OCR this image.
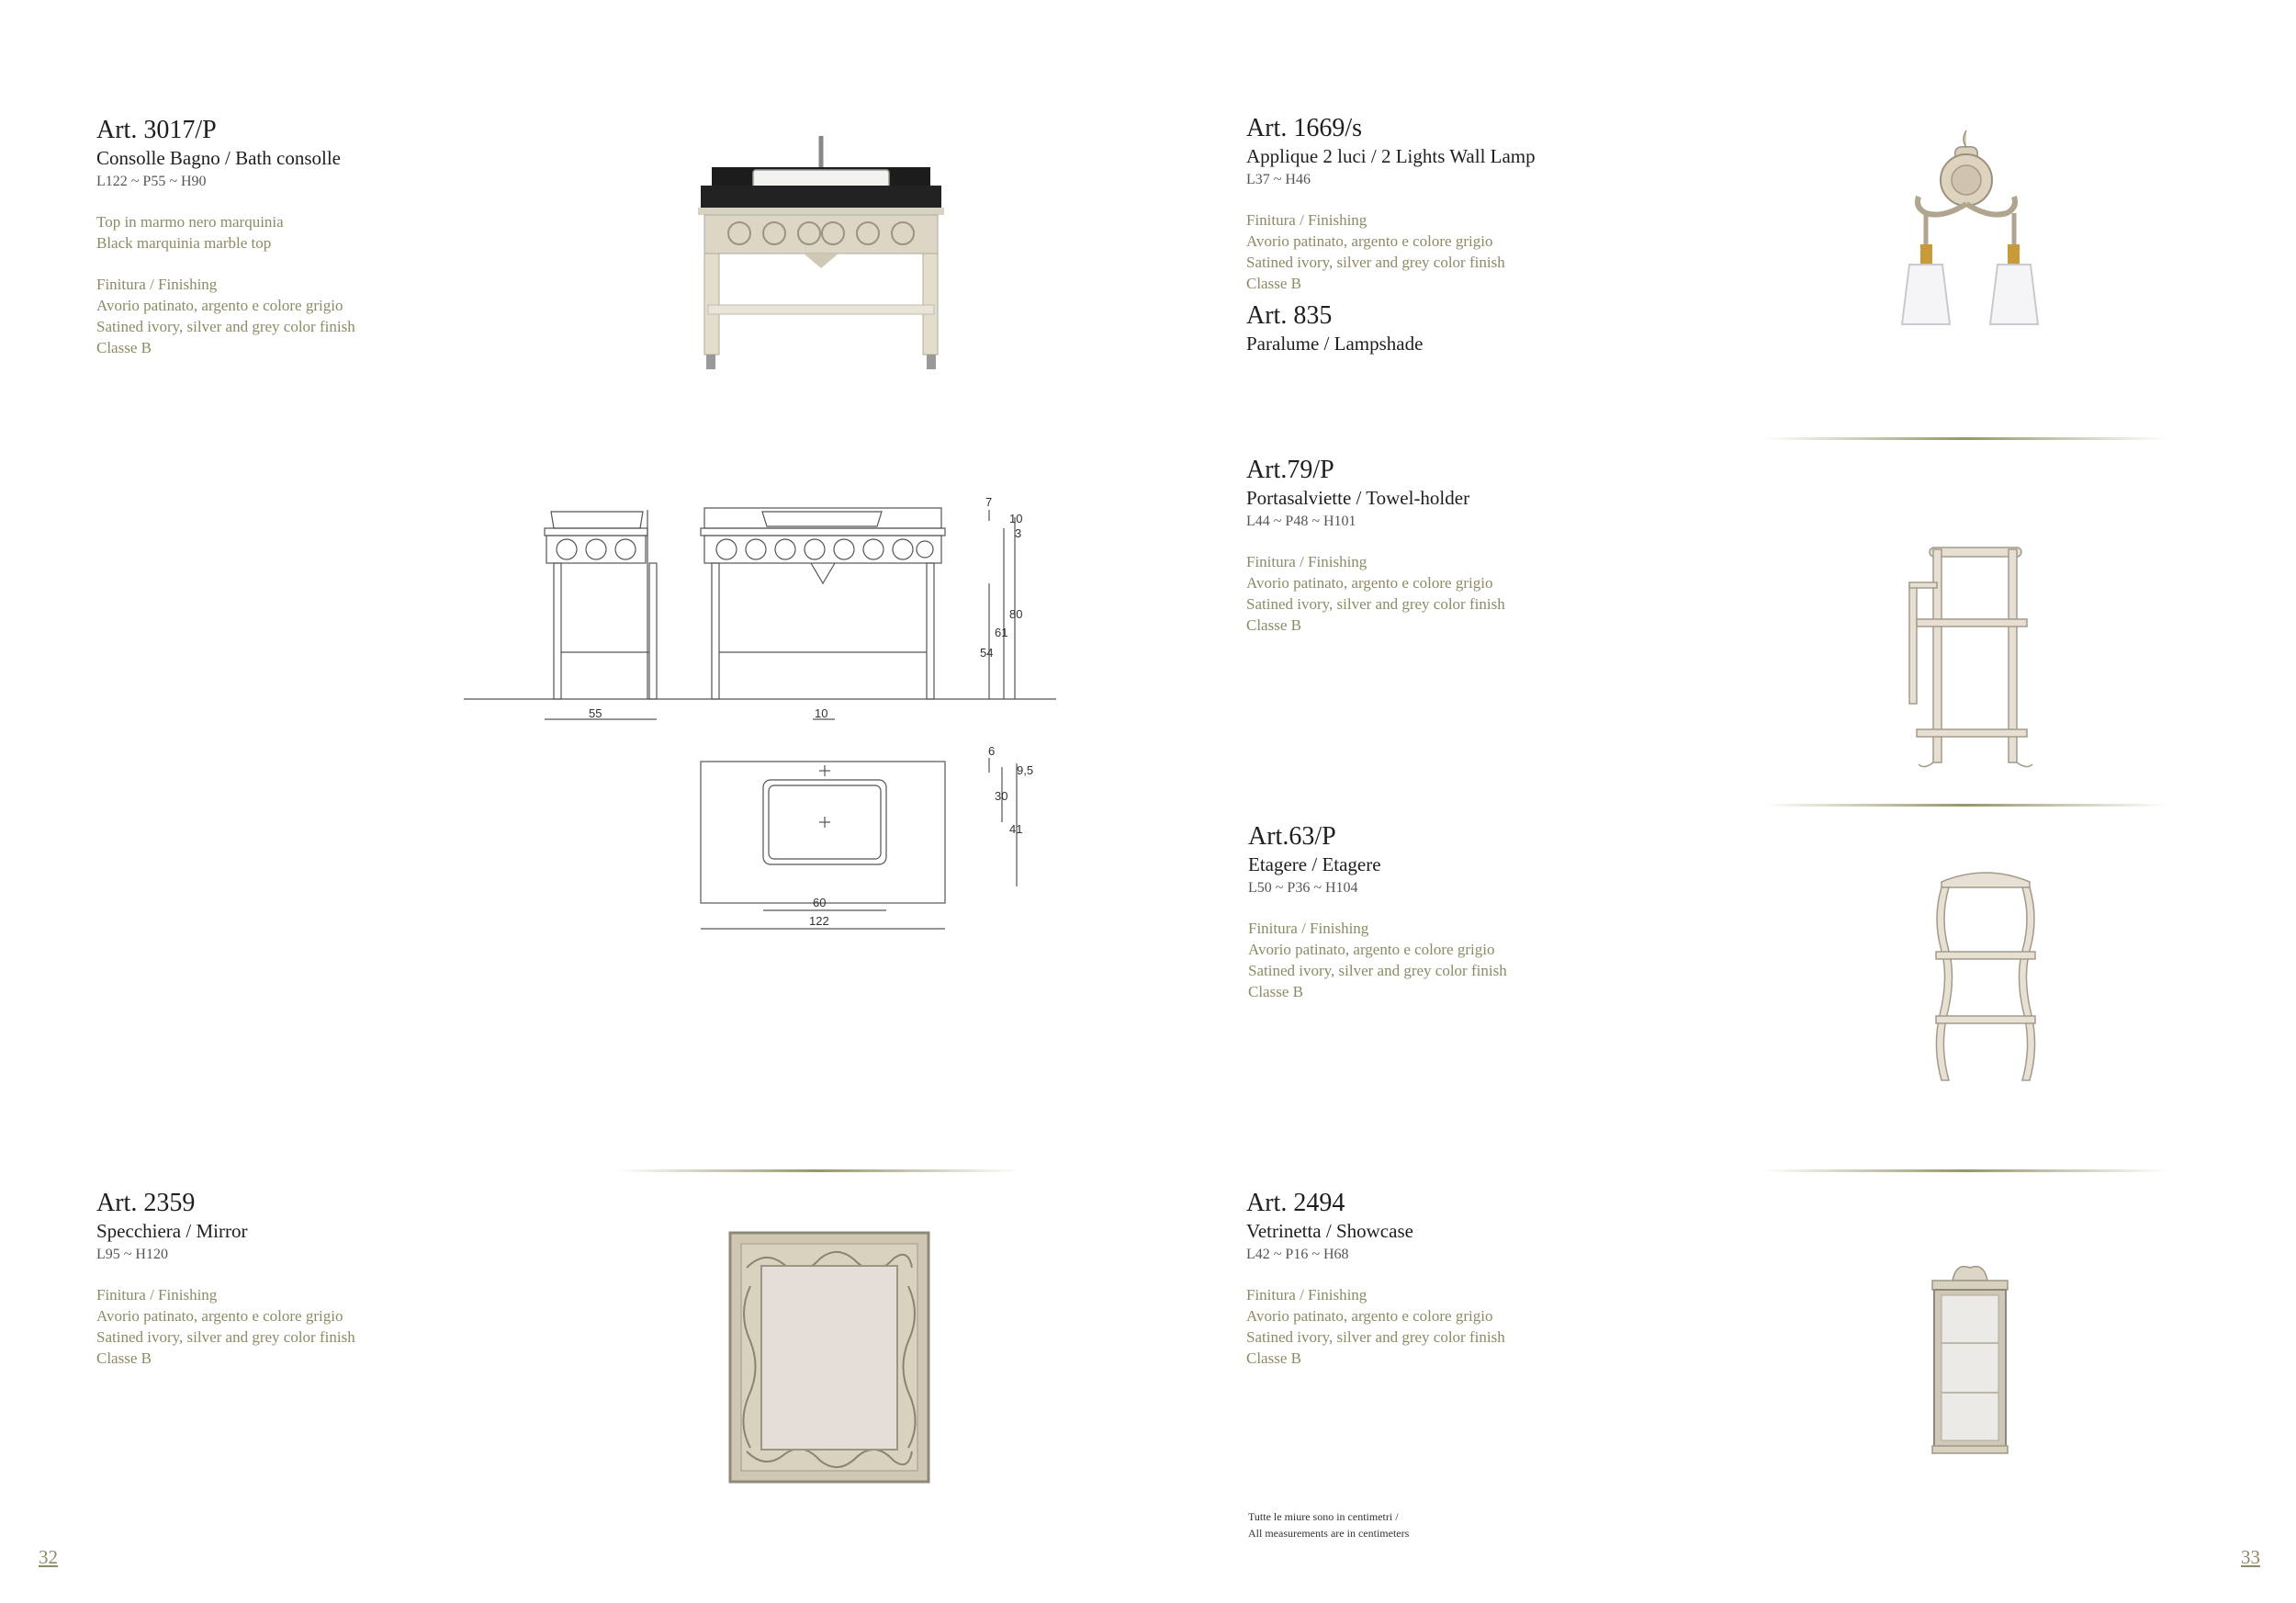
Art. 3017/P
Consolle Bagno / Bath consolle
L122 ~ P55 ~ H90
Top in marmo nero marquinia
Black marquinia marble top
Finitura / Finishing
Avorio patinato, argento e colore grigio
Satined ivory, silver and grey color finish
Classe B
7
10
3
80
61
54
55	10
6
9,5
30
41
60
122
Art. 2359
Specchiera / Mirror
L95 ~ H120
Finitura / Finishing
Avorio patinato, argento e colore grigio
Satined ivory, silver and grey color finish
Classe B
32
Art. 1669/s
Applique 2 luci / 2 Lights Wall Lamp
L37 ~ H46
Finitura / Finishing
Avorio patinato, argento e colore grigio
Satined ivory, silver and grey color finish
Classe B
Art. 835
Paralume / Lampshade
Art.79/P
Portasalviette / Towel-holder
L44 ~ P48 ~ H101
Finitura / Finishing
Avorio patinato, argento e colore grigio
Satined ivory, silver and grey color finish
Classe B
Art.63/P
Etagere / Etagere
L50 ~ P36 ~ H104
Finitura / Finishing
Avorio patinato, argento e colore grigio
Satined ivory, silver and grey color finish
Classe B
Art. 2494
Vetrinetta / Showcase
L42 ~ P16 ~ H68
Finitura / Finishing
Avorio patinato, argento e colore grigio
Satined ivory, silver and grey color finish
Classe B
Tutte le miure sono in centimetri /
All measurements are in centimeters
33
